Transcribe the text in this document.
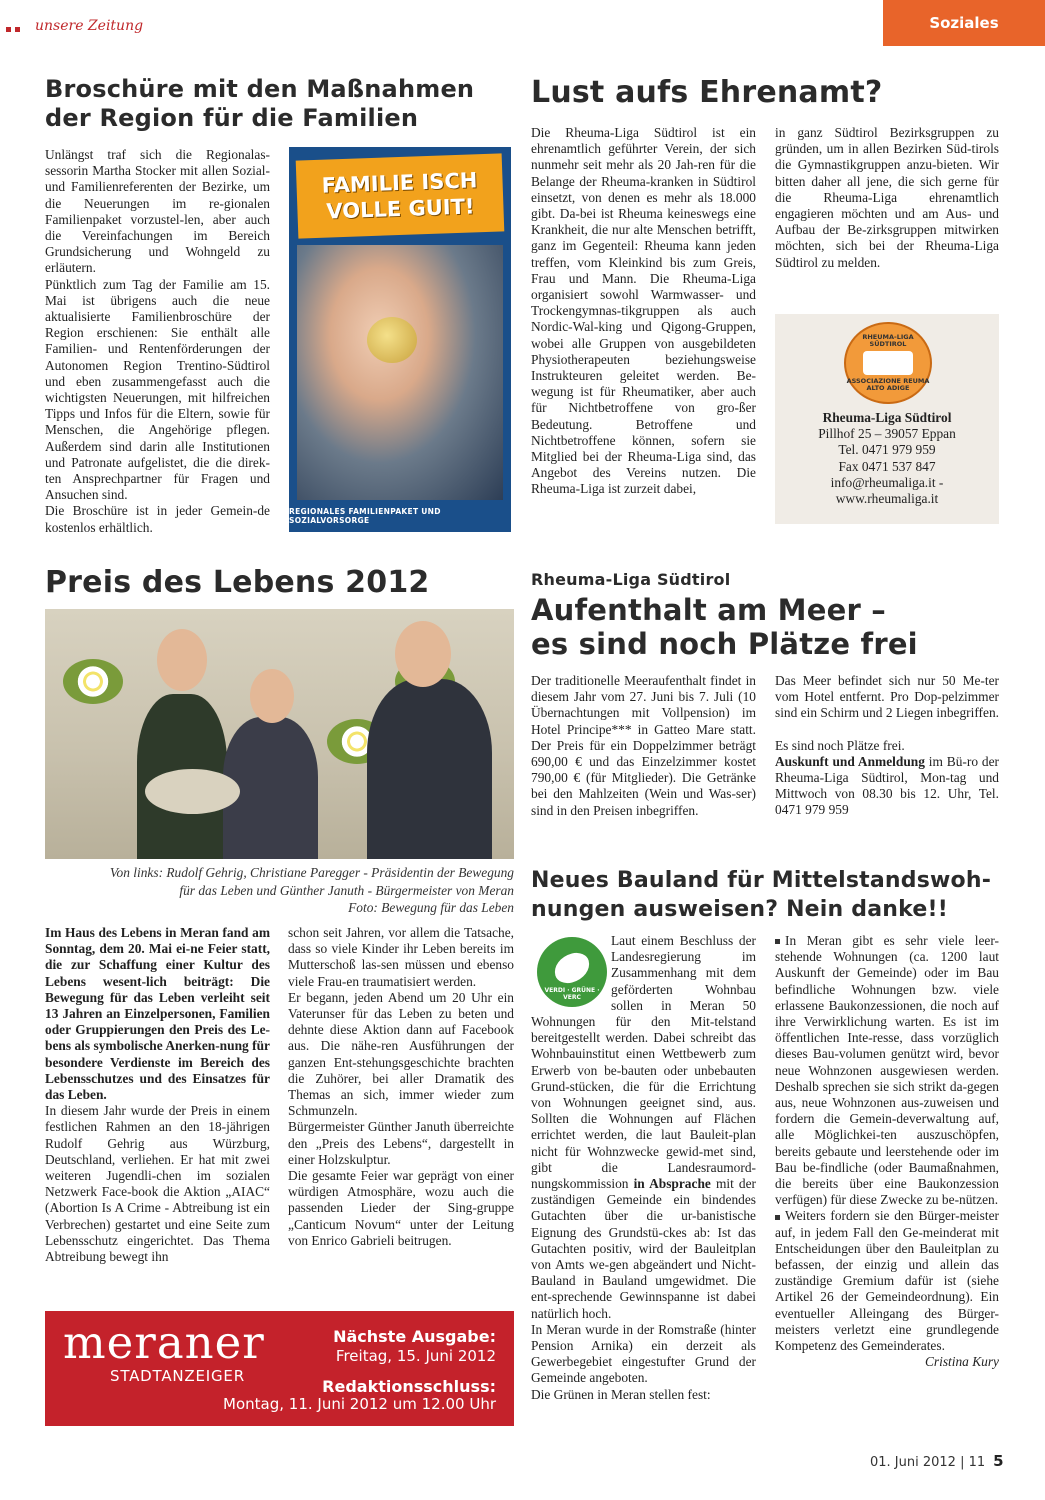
unsere Zeitung	Soziales
Broschüre mit den Maßnahmen
der Region für die Familien

Unlängst traf sich die Regionalas-sessorin Martha Stocker mit allen Sozial- und Familienreferenten der Bezirke, um die Neuerungen im re-gionalen Familienpaket vorzustel-len, aber auch die Vereinfachungen im Bereich Grundsicherung und Wohngeld zu erläutern.

Pünktlich zum Tag der Familie am 15. Mai ist übrigens auch die neue aktualisierte Familienbroschüre der Region erschienen: Sie enthält alle Familien- und Rentenförderungen der Autonomen Region Trentino-Südtirol und eben zusammengefasst auch die wichtigsten Neuerungen, mit hilfreichen Tipps und Infos für die Eltern, sowie für Menschen, die Angehörige pflegen. Außerdem sind darin alle Institutionen und Patronate aufgelistet, die die direk-ten Ansprechpartner für Fragen und Ansuchen sind.

Die Broschüre ist in jeder Gemein-de kostenlos erhältlich.

FAMILIE ISCH
VOLLE GUIT!
REGIONALES FAMILIENPAKET UND SOZIALVORSORGE
Lust aufs Ehrenamt?

Die Rheuma-Liga Südtirol ist ein ehrenamtlich geführter Verein, der sich nunmehr seit mehr als 20 Jah-ren für die Belange der Rheuma-kranken in Südtirol einsetzt, von denen es mehr als 18.000 gibt. Da-bei ist Rheuma keineswegs eine Krankheit, die nur alte Menschen betrifft, ganz im Gegenteil: Rheuma kann jeden treffen, vom Kleinkind bis zum Greis, Frau und Mann. Die Rheuma-Liga organisiert sowohl Warmwasser- und Trockengymnas-tikgruppen als auch Nordic-Wal-king und Qigong-Gruppen, wobei alle Gruppen von ausgebildeten Physiotherapeuten beziehungsweise Instrukteuren geleitet werden. Be-wegung ist für Rheumatiker, aber auch für Nichtbetroffene von gro-ßer Bedeutung. Betroffene und Nichtbetroffene können, sofern sie Mitglied bei der Rheuma-Liga sind, das Angebot des Vereins nutzen. Die Rheuma-Liga ist zurzeit dabei,

in ganz Südtirol Bezirksgruppen zu gründen, um in allen Bezirken Süd-tirols die Gymnastikgruppen anzu-bieten. Wir bitten daher all jene, die sich gerne für die Rheuma-Liga ehrenamtlich engagieren möchten und am Aus- und Aufbau der Be-zirksgruppen mitwirken möchten, sich bei der Rheuma-Liga Südtirol zu melden.

RHEUMA-LIGA SÜDTIROL
ASSOCIAZIONE REUMA ALTO ADIGE
Rheuma-Liga Südtirol
Pillhof 25 – 39057 Eppan
Tel. 0471 979 959
Fax 0471 537 847
info@rheumaliga.it -
www.rheumaliga.it
Preis des Lebens 2012
Von links: Rudolf Gehrig, Christiane Paregger - Präsidentin der Bewegung
für das Leben und Günther Januth - Bürgermeister von Meran
Foto: Bewegung für das Leben

Im Haus des Lebens in Meran fand am Sonntag, dem 20. Mai ei-ne Feier statt, die zur Schaffung einer Kultur des Lebens wesent-lich beiträgt: Die Bewegung für das Leben verleiht seit 13 Jahren an Einzelpersonen, Familien oder Gruppierungen den Preis des Le-bens als symbolische Anerken-nung für besondere Verdienste im Bereich des Lebensschutzes und des Einsatzes für das Leben.

In diesem Jahr wurde der Preis in einem festlichen Rahmen an den 18-jährigen Rudolf Gehrig aus Würzburg, Deutschland, verliehen. Er hat mit zwei weiteren Jugendli-chen im sozialen Netzwerk Face-book die Aktion „AIAC“ (Abortion Is A Crime - Abtreibung ist ein Verbrechen) gestartet und eine Seite zum Lebensschutz eingerichtet. Das Thema Abtreibung bewegt ihn

schon seit Jahren, vor allem die Tatsache, dass so viele Kinder ihr Leben bereits im Mutterschoß las-sen müssen und ebenso viele Frau-en traumatisiert werden.

Er begann, jeden Abend um 20 Uhr ein Vaterunser für das Leben zu beten und dehnte diese Aktion dann auf Facebook aus. Die nähe-ren Ausführungen der ganzen Ent-stehungsgeschichte brachten die Zuhörer, bei aller Dramatik des Themas an sich, immer wieder zum Schmunzeln.

Bürgermeister Günther Januth überreichte den „Preis des Lebens“, dargestellt in einer Holzskulptur.

Die gesamte Feier war geprägt von einer würdigen Atmosphäre, wozu auch die passenden Lieder der Sing-gruppe „Canticum Novum“ unter der Leitung von Enrico Gabrieli beitrugen.

Rheuma-Liga Südtirol
Aufenthalt am Meer –
es sind noch Plätze frei

Der traditionelle Meeraufenthalt findet in diesem Jahr vom 27. Juni bis 7. Juli (10 Übernachtungen mit Vollpension) im Hotel Principe*** in Gatteo Mare statt. Der Preis für ein Doppelzimmer beträgt 690,00 € und das Einzelzimmer kostet 790,00 € (für Mitglieder). Die Getränke bei den Mahlzeiten (Wein und Was-ser) sind in den Preisen inbegriffen.

Das Meer befindet sich nur 50 Me-ter vom Hotel entfernt. Pro Dop-pelzimmer sind ein Schirm und 2 Liegen inbegriffen.

Es sind noch Plätze frei.

Auskunft und Anmeldung im Bü-ro der Rheuma-Liga Südtirol, Mon-tag und Mittwoch von 08.30 bis 12. Uhr, Tel. 0471 979 959

Neues Bauland für Mittelstandswoh-
nungen ausweisen? Nein danke!!
VERDI · GRÜNE · VERC

Laut einem Beschluss der Landesregierung im Zusammenhang mit dem geförderten Wohnbau sollen in Meran 50 Wohnungen für den Mit-telstand bereitgestellt werden. Dabei schreibt das Wohnbauinstitut einen Wettbewerb zum Erwerb von be-bauten oder unbebauten Grund-stücken, die für die Errichtung von Wohnungen geeignet sind, aus. Sollten die Wohnungen auf Flächen errichtet werden, die laut Bauleit-plan nicht für Wohnzwecke gewid-met sind, gibt die Landesraumord-nungskommission in Absprache mit der zuständigen Gemeinde ein bindendes Gutachten über die ur-banistische Eignung des Grundstü-ckes ab: Ist das Gutachten positiv, wird der Bauleitplan von Amts we-gen abgeändert und Nicht-Bauland in Bauland umgewidmet. Die ent-sprechende Gewinnspanne ist dabei natürlich hoch.

In Meran wurde in der Romstraße (hinter Pension Arnika) ein derzeit als Gewerbegebiet eingestufter Grund der Gemeinde angeboten.

Die Grünen in Meran stellen fest:

In Meran gibt es sehr viele leer-stehende Wohnungen (ca. 1200 laut Auskunft der Gemeinde) oder im Bau befindliche Wohnungen bzw. viele erlassene Baukonzessionen, die noch auf ihre Verwirklichung warten. Es ist im öffentlichen Inte-resse, dass vorzüglich dieses Bau-volumen genützt wird, bevor neue Wohnzonen ausgewiesen werden. Deshalb sprechen sie sich strikt da-gegen aus, neue Wohnzonen aus-zuweisen und fordern die Gemein-deverwaltung auf, alle Möglichkei-ten auszuschöpfen, bereits gebaute und leerstehende oder im Bau be-findliche (oder Baumaßnahmen, die bereits über eine Baukonzession verfügen) für diese Zwecke zu be-nützen.

Weiters fordern sie den Bürger-meister auf, in jedem Fall den Ge-meinderat mit Entscheidungen über den Bauleitplan zu befassen, der einzig und allein das zuständige Gremium dafür ist (siehe Artikel 26 der Gemeindeordnung). Ein eventueller Alleingang des Bürger-meisters verletzt eine grundlegende Kompetenz des Gemeinderates.

Cristina Kury

meraner
STADTANZEIGER
Nächste Ausgabe:
Freitag, 15. Juni 2012
Redaktionsschluss:
Montag, 11. Juni 2012 um 12.00 Uhr
01. Juni 2012 | 11 5
